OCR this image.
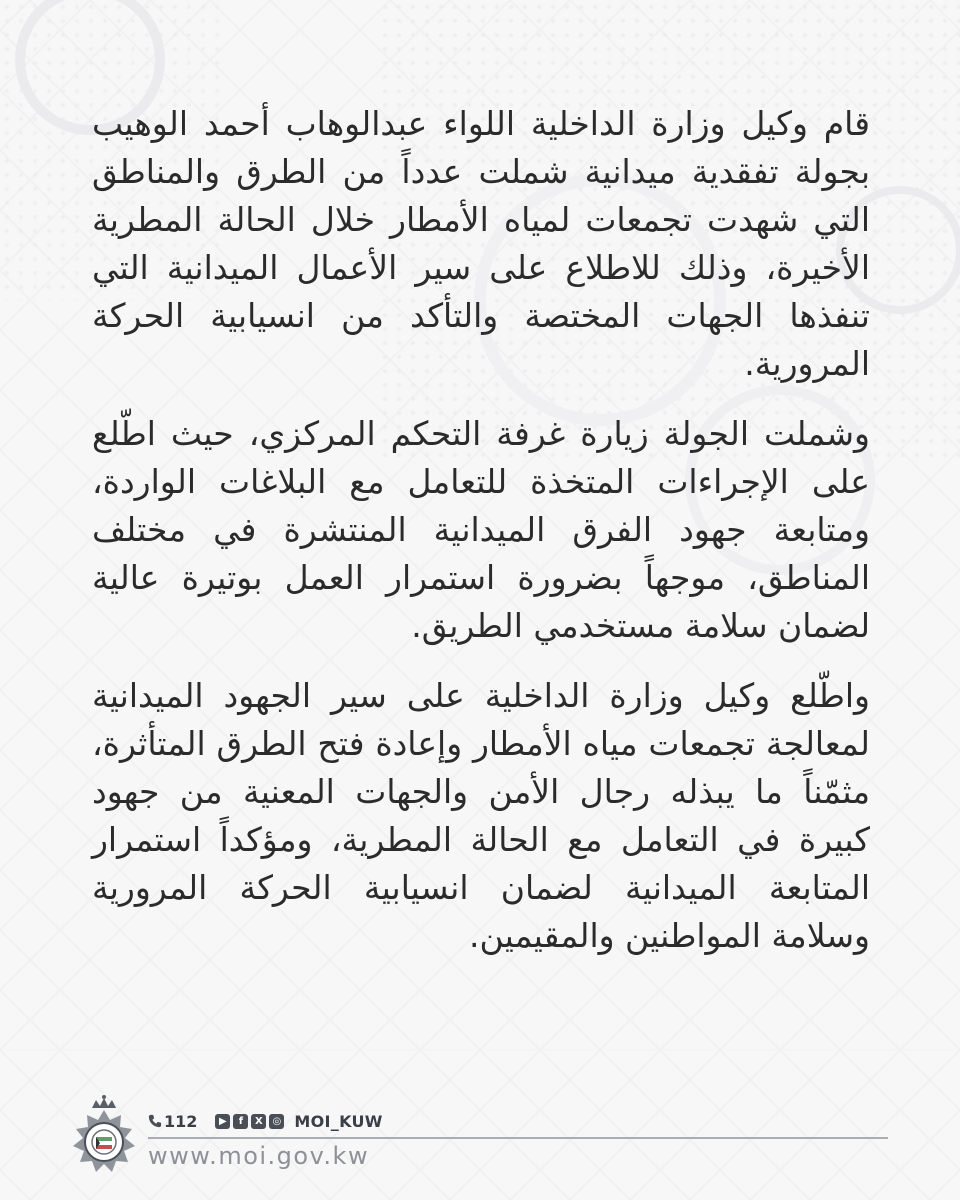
قام وكيل وزارة الداخلية اللواء عبدالوهاب أحمد الوهيب بجولة تفقدية ميدانية شملت عدداً من الطرق والمناطق التي شهدت تجمعات لمياه الأمطار خلال الحالة المطرية الأخيرة، وذلك للاطلاع على سير الأعمال الميدانية التي تنفذها الجهات المختصة والتأكد من انسيابية الحركة المرورية.

وشملت الجولة زيارة غرفة التحكم المركزي، حيث اطّلع على الإجراءات المتخذة للتعامل مع البلاغات الواردة، ومتابعة جهود الفرق الميدانية المنتشرة في مختلف المناطق، موجهاً بضرورة استمرار العمل بوتيرة عالية لضمان سلامة مستخدمي الطريق.

واطّلع وكيل وزارة الداخلية على سير الجهود الميدانية لمعالجة تجمعات مياه الأمطار وإعادة فتح الطرق المتأثرة، مثمّناً ما يبذله رجال الأمن والجهات المعنية من جهود كبيرة في التعامل مع الحالة المطرية، ومؤكداً استمرار المتابعة الميدانية لضمان انسيابية الحركة المرورية وسلامة المواطنين والمقيمين.

112	▶	f	X ◎ MOI_KUW
www.moi.gov.kw
